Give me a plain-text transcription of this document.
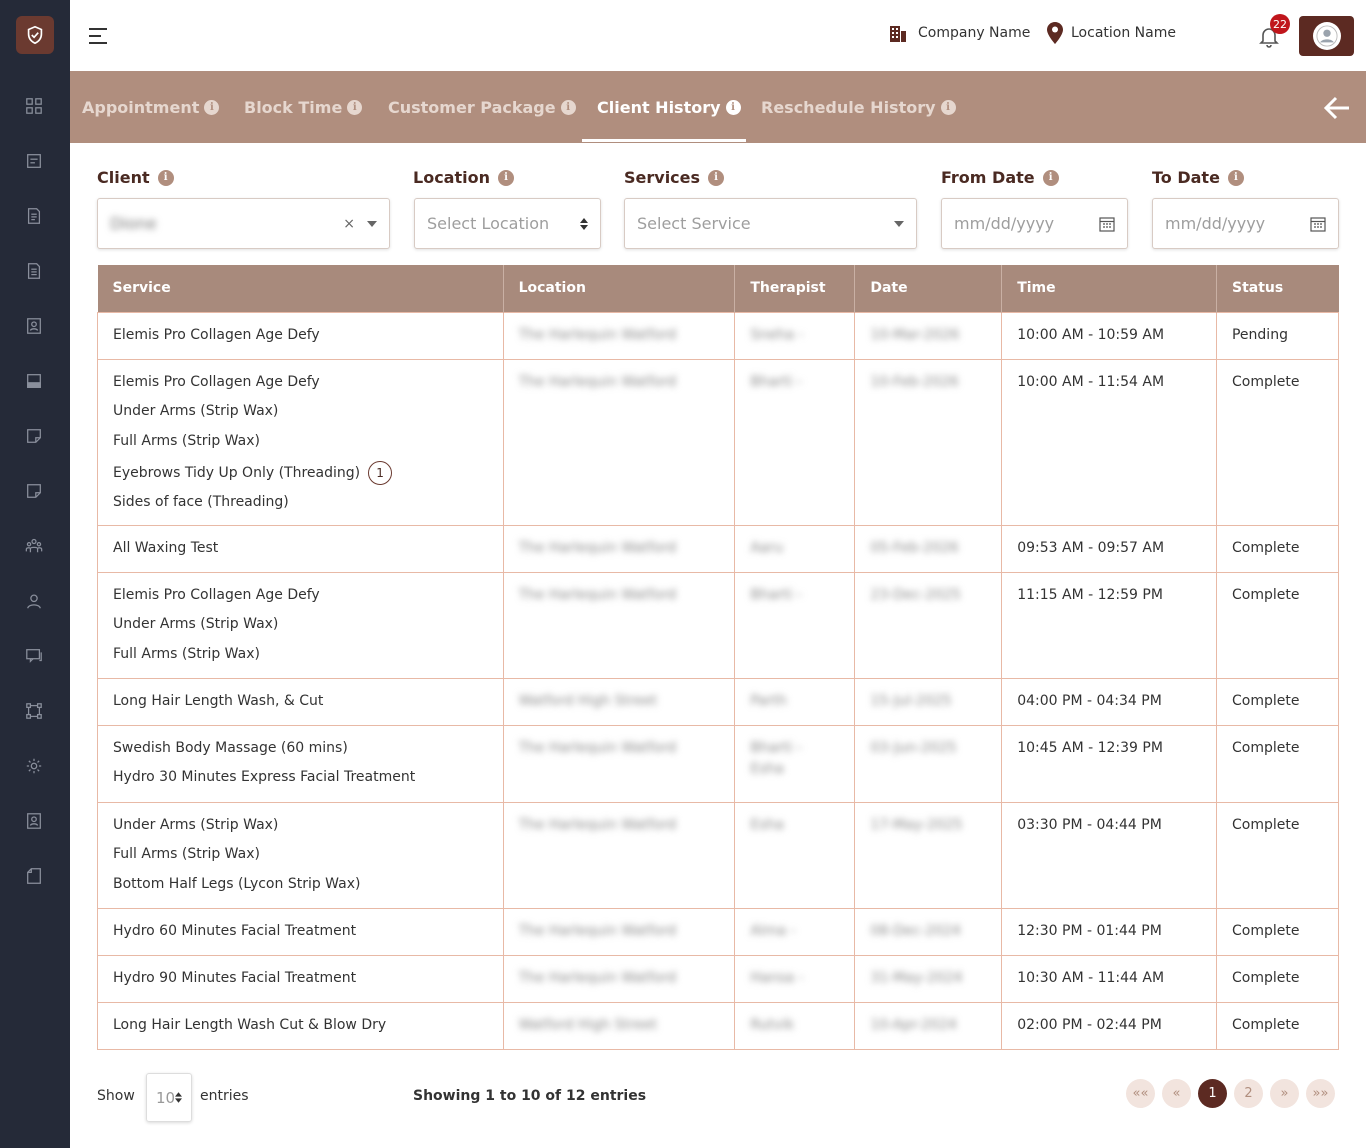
Company Name	Location Name
22
Appointment i Block Time i Customer Package i Client History i Reschedule History i
Client	i
Dione	×
Location	i
Select Location
Services	i
Select Service
From Date	i
mm/dd/yyyy
To Date	i
mm/dd/yyyy
Service	Location	Therapist	Date	Time	Status

Elemis Pro Collagen Age Defy	The Harlequin Watford	Sneha -	10-Mar-2026	10:00 AM - 10:59 AM	Pending

Elemis Pro Collagen Age Defy
Under Arms (Strip Wax)
Full Arms (Strip Wax)
Eyebrows Tidy Up Only (Threading) 1
Sides of face (Threading)	The Harlequin Watford	Bharti -	10-Feb-2026	10:00 AM - 11:54 AM	Complete

All Waxing Test	The Harlequin Watford	Aaru	05-Feb-2026	09:53 AM - 09:57 AM	Complete

Elemis Pro Collagen Age Defy
Under Arms (Strip Wax)
Full Arms (Strip Wax)	The Harlequin Watford	Bharti -	23-Dec-2025	11:15 AM - 12:59 PM	Complete

Long Hair Length Wash, & Cut	Watford High Street	Parth	15-Jul-2025	04:00 PM - 04:34 PM	Complete

Swedish Body Massage (60 mins)
Hydro 30 Minutes Express Facial Treatment	The Harlequin Watford	Bharti - Esha	03-Jun-2025	10:45 AM - 12:39 PM	Complete

Under Arms (Strip Wax)
Full Arms (Strip Wax)
Bottom Half Legs (Lycon Strip Wax)	The Harlequin Watford	Esha	17-May-2025	03:30 PM - 04:44 PM	Complete

Hydro 60 Minutes Facial Treatment	The Harlequin Watford	Alma -	08-Dec-2024	12:30 PM - 01:44 PM	Complete

Hydro 90 Minutes Facial Treatment	The Harlequin Watford	Hansa -	31-May-2024	10:30 AM - 11:44 AM	Complete

Long Hair Length Wash Cut & Blow Dry	Watford High Street	Rutvik	10-Apr-2024	02:00 PM - 02:44 PM	Complete
Show 10 entries	Showing 1 to 10 of 12 entries	««	«	1	2	»	»»
